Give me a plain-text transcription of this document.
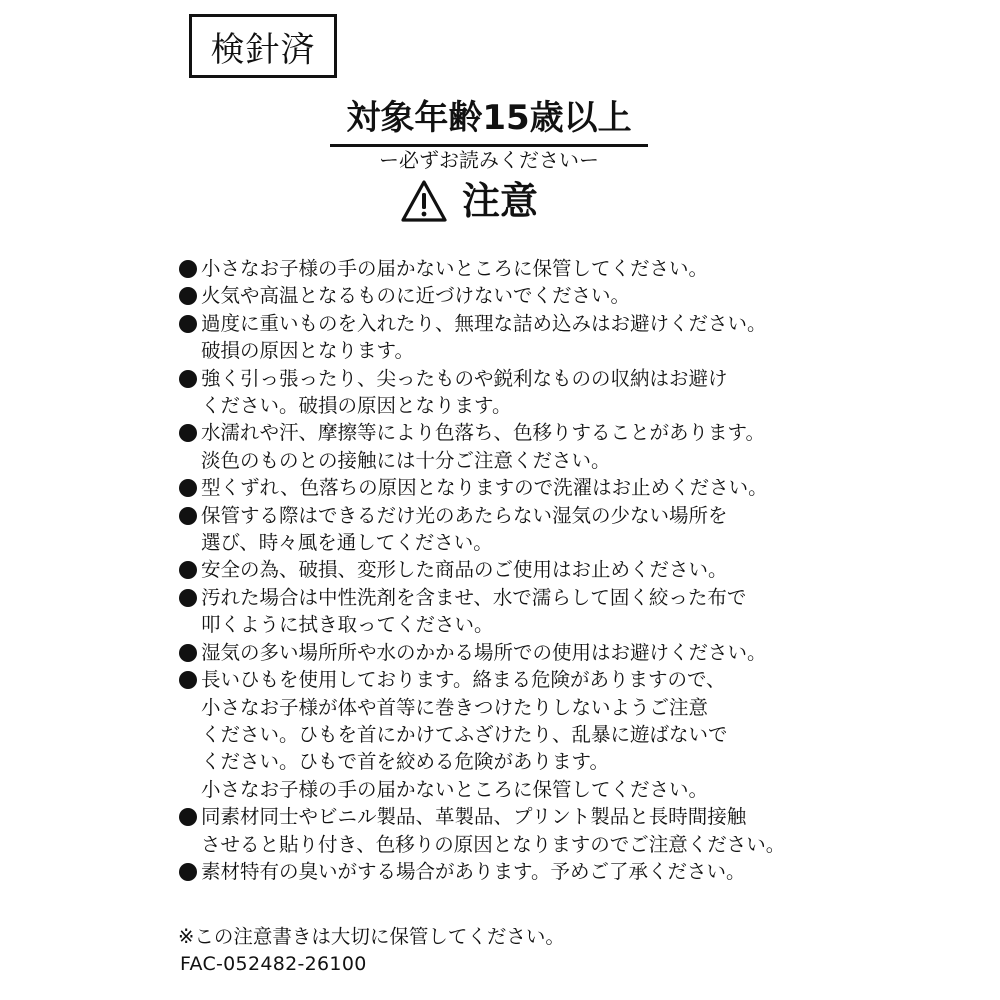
検針済
対象年齢15歳以上
ー必ずお読みくださいー
注意
小さなお子様の手の届かないところに保管してください。
火気や高温となるものに近づけないでください。
過度に重いものを入れたり、無理な詰め込みはお避けください。
破損の原因となります。
強く引っ張ったり、尖ったものや鋭利なものの収納はお避け
ください。破損の原因となります。
水濡れや汗、摩擦等により色落ち、色移りすることがあります。
淡色のものとの接触には十分ご注意ください。
型くずれ、色落ちの原因となりますので洗濯はお止めください。
保管する際はできるだけ光のあたらない湿気の少ない場所を
選び、時々風を通してください。
安全の為、破損、変形した商品のご使用はお止めください。
汚れた場合は中性洗剤を含ませ、水で濡らして固く絞った布で
叩くように拭き取ってください。
湿気の多い場所所や水のかかる場所での使用はお避けください。
長いひもを使用しております。絡まる危険がありますので、
小さなお子様が体や首等に巻きつけたりしないようご注意
ください。ひもを首にかけてふざけたり、乱暴に遊ばないで
ください。ひもで首を絞める危険があります。
小さなお子様の手の届かないところに保管してください。
同素材同士やビニル製品、革製品、プリント製品と長時間接触
させると貼り付き、色移りの原因となりますのでご注意ください。
素材特有の臭いがする場合があります。予めご了承ください。
※この注意書きは大切に保管してください。
FAC-052482-26100
